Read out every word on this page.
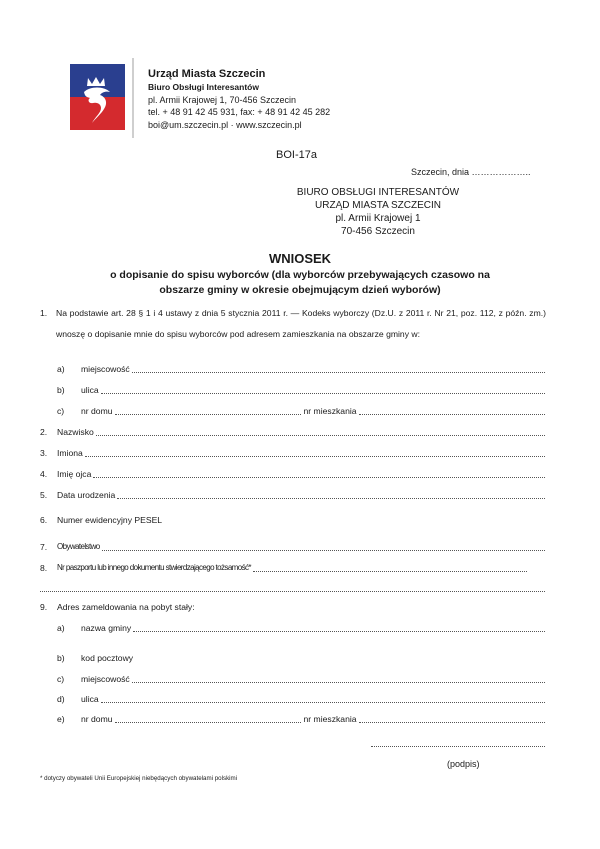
Urząd Miasta Szczecin
Biuro Obsługi Interesantów
pl. Armii Krajowej 1, 70-456 Szczecin
tel. + 48 91 42 45 931, fax: + 48 91 42 45 282
boi@um.szczecin.pl · www.szczecin.pl
BOI-17a
Szczecin, dnia ………………..
BIURO OBSŁUGI INTERESANTÓW
URZĄD MIASTA SZCZECIN
pl. Armii Krajowej 1
70-456 Szczecin
WNIOSEK
o dopisanie do spisu wyborców (dla wyborców przebywających czasowo na
obszarze gminy w okresie obejmującym dzień wyborów)
1. Na podstawie art. 28 § 1 i 4 ustawy z dnia 5 stycznia 2011 r. — Kodeks wyborczy (Dz.U. z 2011 r. Nr 21, poz. 112, z późn. zm.) wnoszę o dopisanie mnie do spisu wyborców pod adresem zamieszkania na obszarze gminy w:
a)	miejscowość
b)	ulica
c)	nr domu	nr mieszkania
2.	Nazwisko
3.	Imiona
4.	Imię ojca
5.	Data urodzenia
6.	Numer ewidencyjny PESEL
7.	Obywatelstwo
8.	Nr paszportu lub innego dokumentu stwierdzającego tożsamość*
9.	Adres zameldowania na pobyt stały:
a)	nazwa gminy
b)	kod pocztowy
c)	miejscowość
d)	ulica
e)	nr domu	nr mieszkania
(podpis)
* dotyczy obywateli Unii Europejskiej niebędących obywatelami polskimi
